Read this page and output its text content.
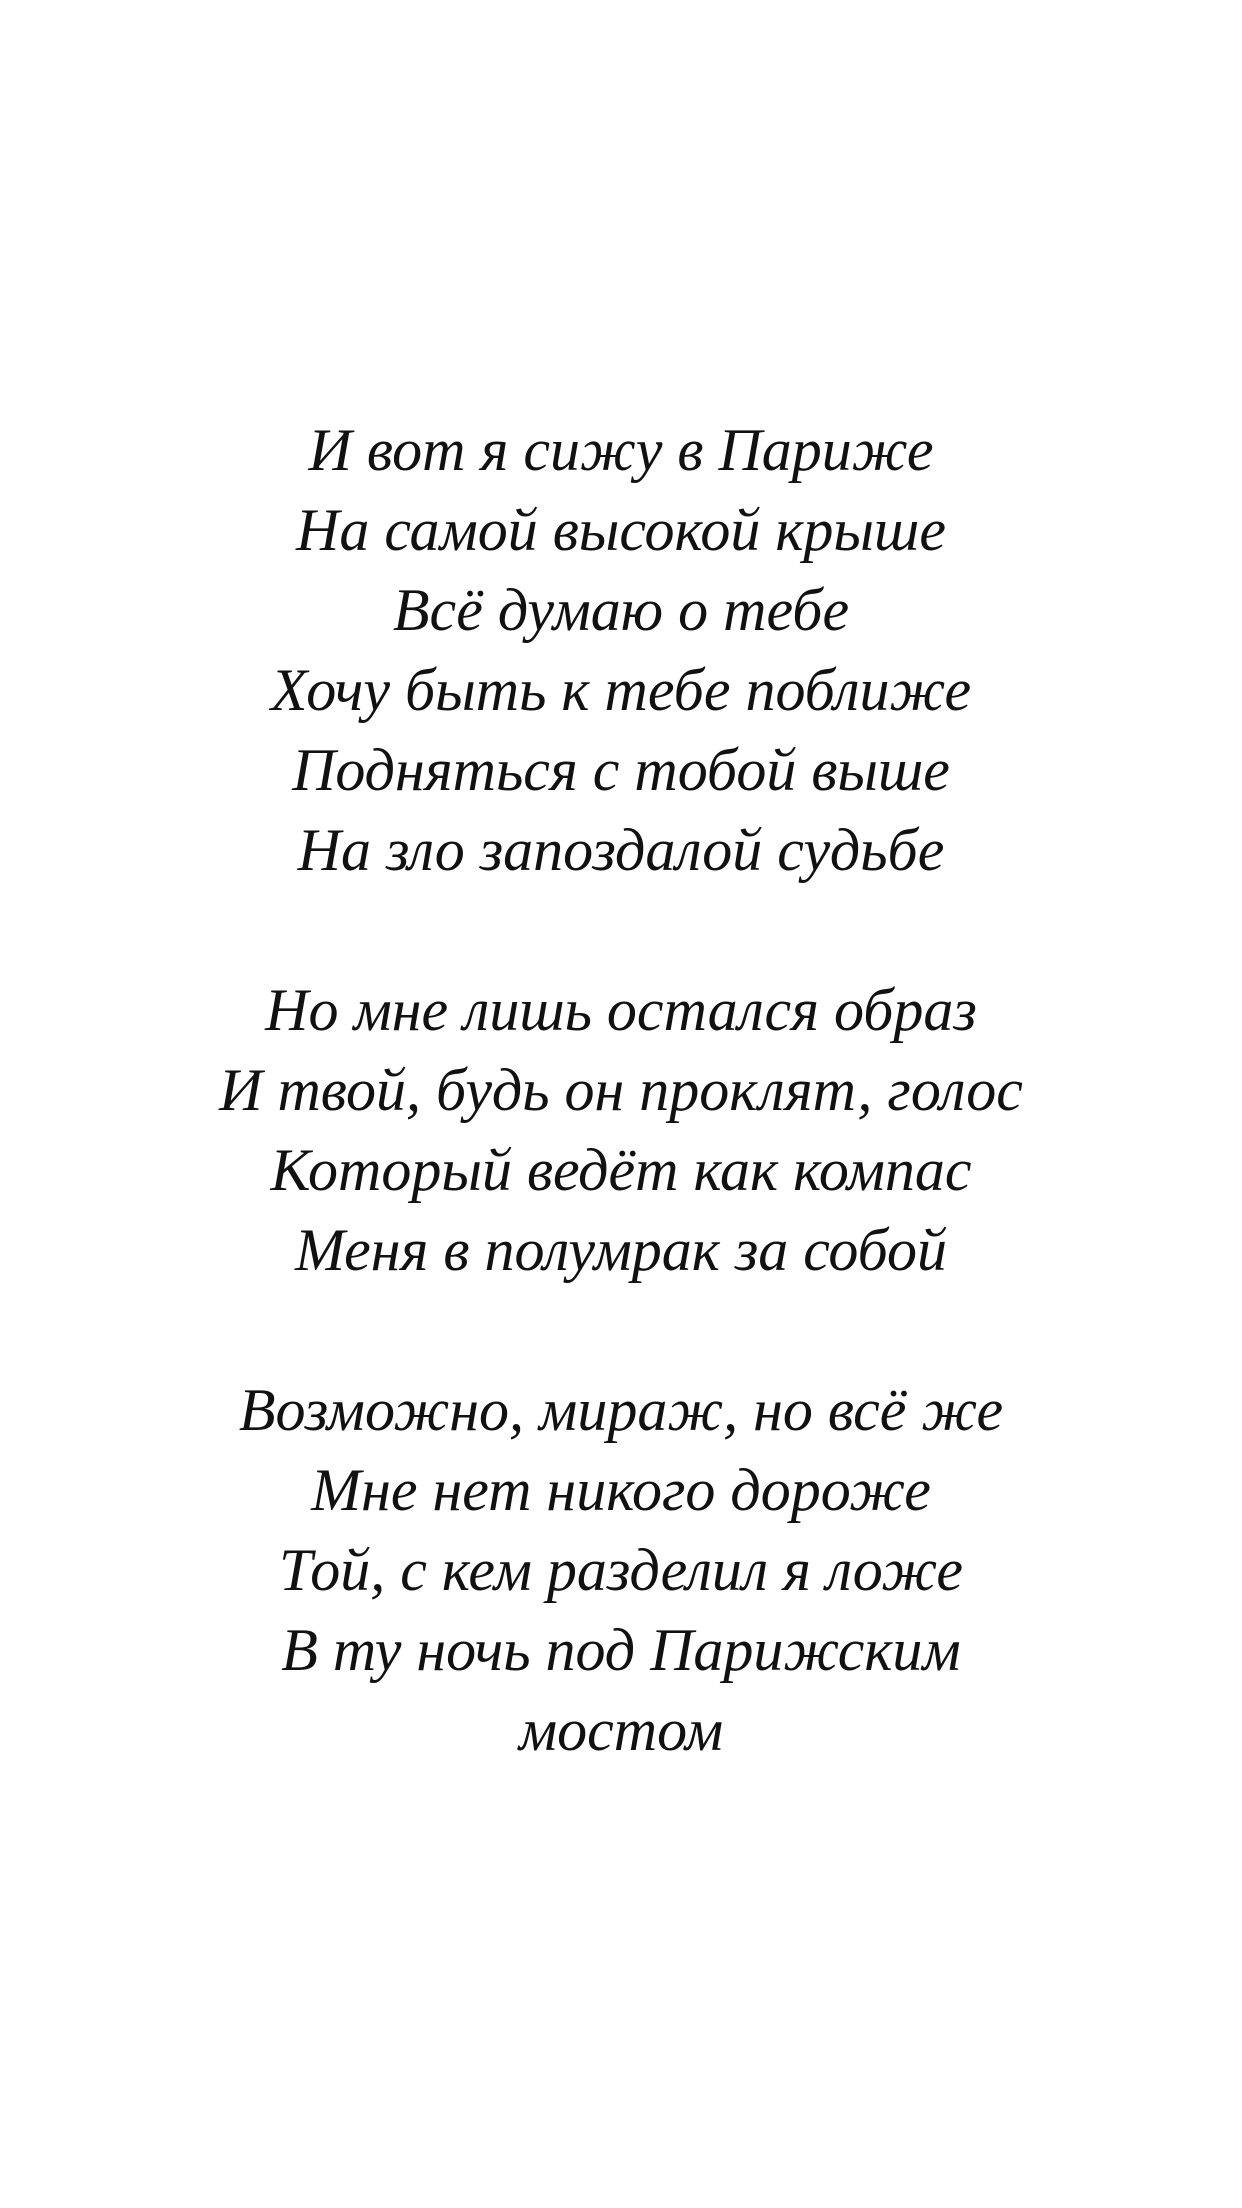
И вот я сижу в Париже
На самой высокой крыше
Всё думаю о тебе
Хочу быть к тебе поближе
Подняться с тобой выше
На зло запоздалой судьбе
Но мне лишь остался образ
И твой, будь он проклят, голос
Который ведёт как компас
Меня в полумрак за собой
Возможно, мираж, но всё же
Мне нет никого дороже
Той, с кем разделил я ложе
В ту ночь под Парижским
мостом
